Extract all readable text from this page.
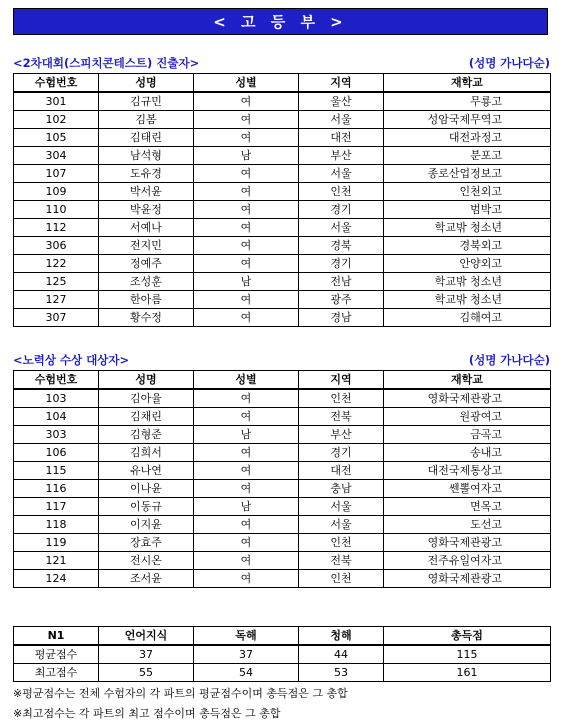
< 고 등 부 >
<2차대회(스피치콘테스트) 진출자>	(성명 가나다순)
수험번호	성명	성별	지역	재학교
301	김규민	여	울산	무룡고
102	김봄	여	서울	성암국제무역고
105	김태린	여	대전	대전과정고
304	남석형	남	부산	분포고
107	도유경	여	서울	종로산업정보고
109	박서윤	여	인천	인천외고
110	박윤정	여	경기	범박고
112	서예나	여	서울	학교밖 청소년
306	전지민	여	경북	경북외고
122	정예주	여	경기	안양외고
125	조성훈	남	전남	학교밖 청소년
127	한아름	여	광주	학교밖 청소년
307	황수정	여	경남	김해여고
<노력상 수상 대상자>	(성명 가나다순)
수험번호	성명	성별	지역	재학교
103	김아율	여	인천	영화국제관광고
104	김채린	여	전북	원광여고
303	김형준	남	부산	금곡고
106	김희서	여	경기	송내고
115	유나연	여	대전	대전국제통상고
116	이나윤	여	충남	쎈뽈여자고
117	이동규	남	서울	면목고
118	이지윤	여	서울	도선고
119	장효주	여	인천	영화국제관광고
121	전시온	여	전북	전주유일여자고
124	조서윤	여	인천	영화국제관광고
N1	언어지식	독해	청해	총득점
평균점수	37	37	44	115
최고점수	55	54	53	161
※평균점수는 전체 수험자의 각 파트의 평균점수이며 총득점은 그 총합
※최고점수는 각 파트의 최고 점수이며 총득점은 그 총합
